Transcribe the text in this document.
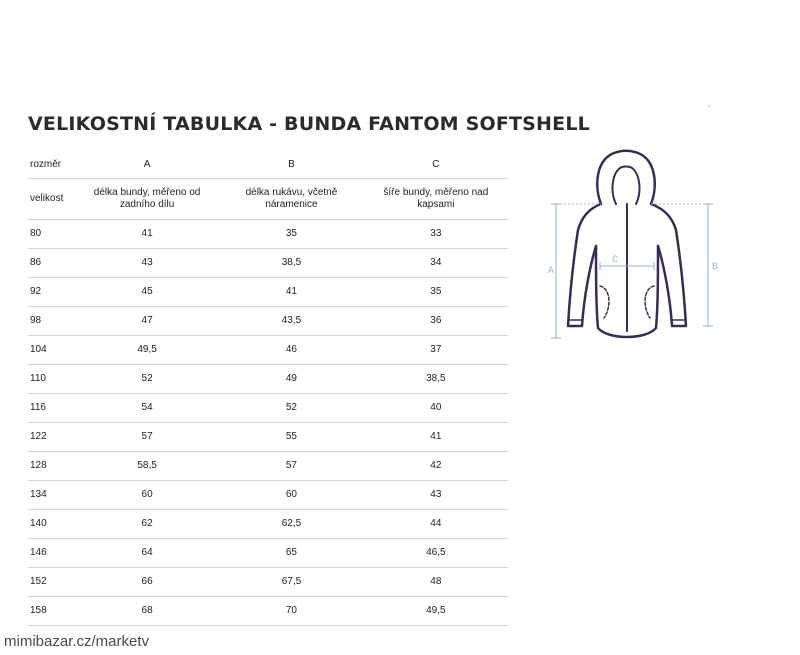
VELIKOSTNÍ TABULKA - BUNDA FANTOM SOFTSHELL
rozměr	A	B	C
velikost	délka bundy, měřeno od zadního dílu	délka rukávu, včetně náramenice	šíře bundy, měřeno nad kapsami
80	41	35	33
86	43	38,5	34
92	45	41	35
98	47	43,5	36
104	49,5	46	37
110	52	49	38,5
116	54	52	40
122	57	55	41
128	58,5	57	42
134	60	60	43
140	62	62,5	44
146	64	65	46,5
152	66	67,5	48
158	68	70	49,5
A	B
C
mimibazar.cz/marketv
